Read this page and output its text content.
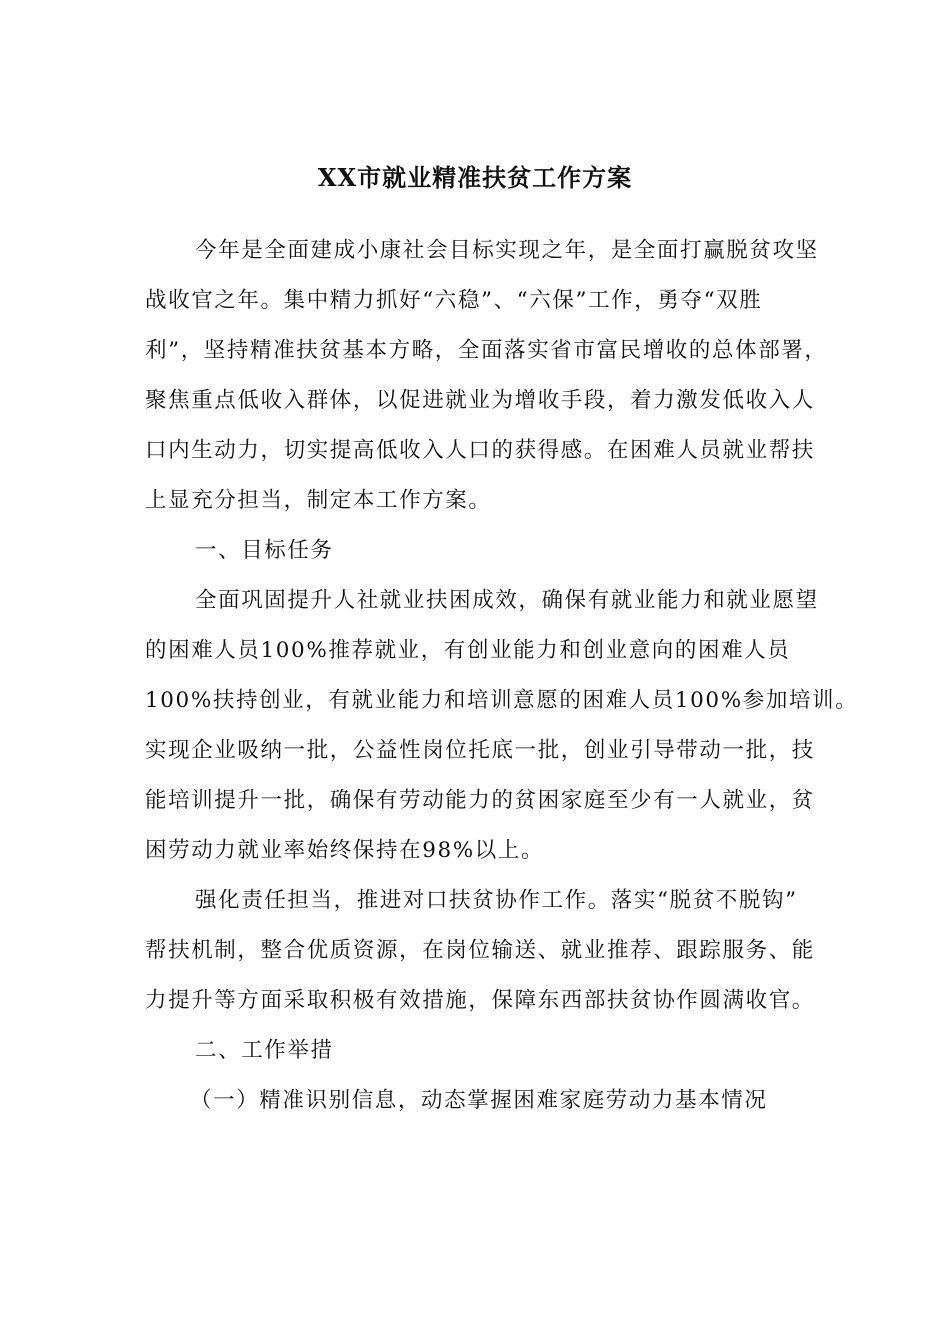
XX市就业精准扶贫工作方案

今年是全面建成小康社会目标实现之年，是全面打赢脱贫攻坚

战收官之年。集中精力抓好“六稳”、“六保”工作，勇夺“双胜

利”，坚持精准扶贫基本方略，全面落实省市富民增收的总体部署，

聚焦重点低收入群体，以促进就业为增收手段，着力激发低收入人

口内生动力，切实提高低收入人口的获得感。在困难人员就业帮扶

上显充分担当，制定本工作方案。

一、目标任务

全面巩固提升人社就业扶困成效，确保有就业能力和就业愿望

的困难人员100%推荐就业，有创业能力和创业意向的困难人员

100%扶持创业，有就业能力和培训意愿的困难人员100%参加培训。

实现企业吸纳一批，公益性岗位托底一批，创业引导带动一批，技

能培训提升一批，确保有劳动能力的贫困家庭至少有一人就业，贫

困劳动力就业率始终保持在98%以上。

强化责任担当，推进对口扶贫协作工作。落实“脱贫不脱钩”

帮扶机制，整合优质资源，在岗位输送、就业推荐、跟踪服务、能

力提升等方面采取积极有效措施，保障东西部扶贫协作圆满收官。

二、工作举措

（一）精准识别信息，动态掌握困难家庭劳动力基本情况
